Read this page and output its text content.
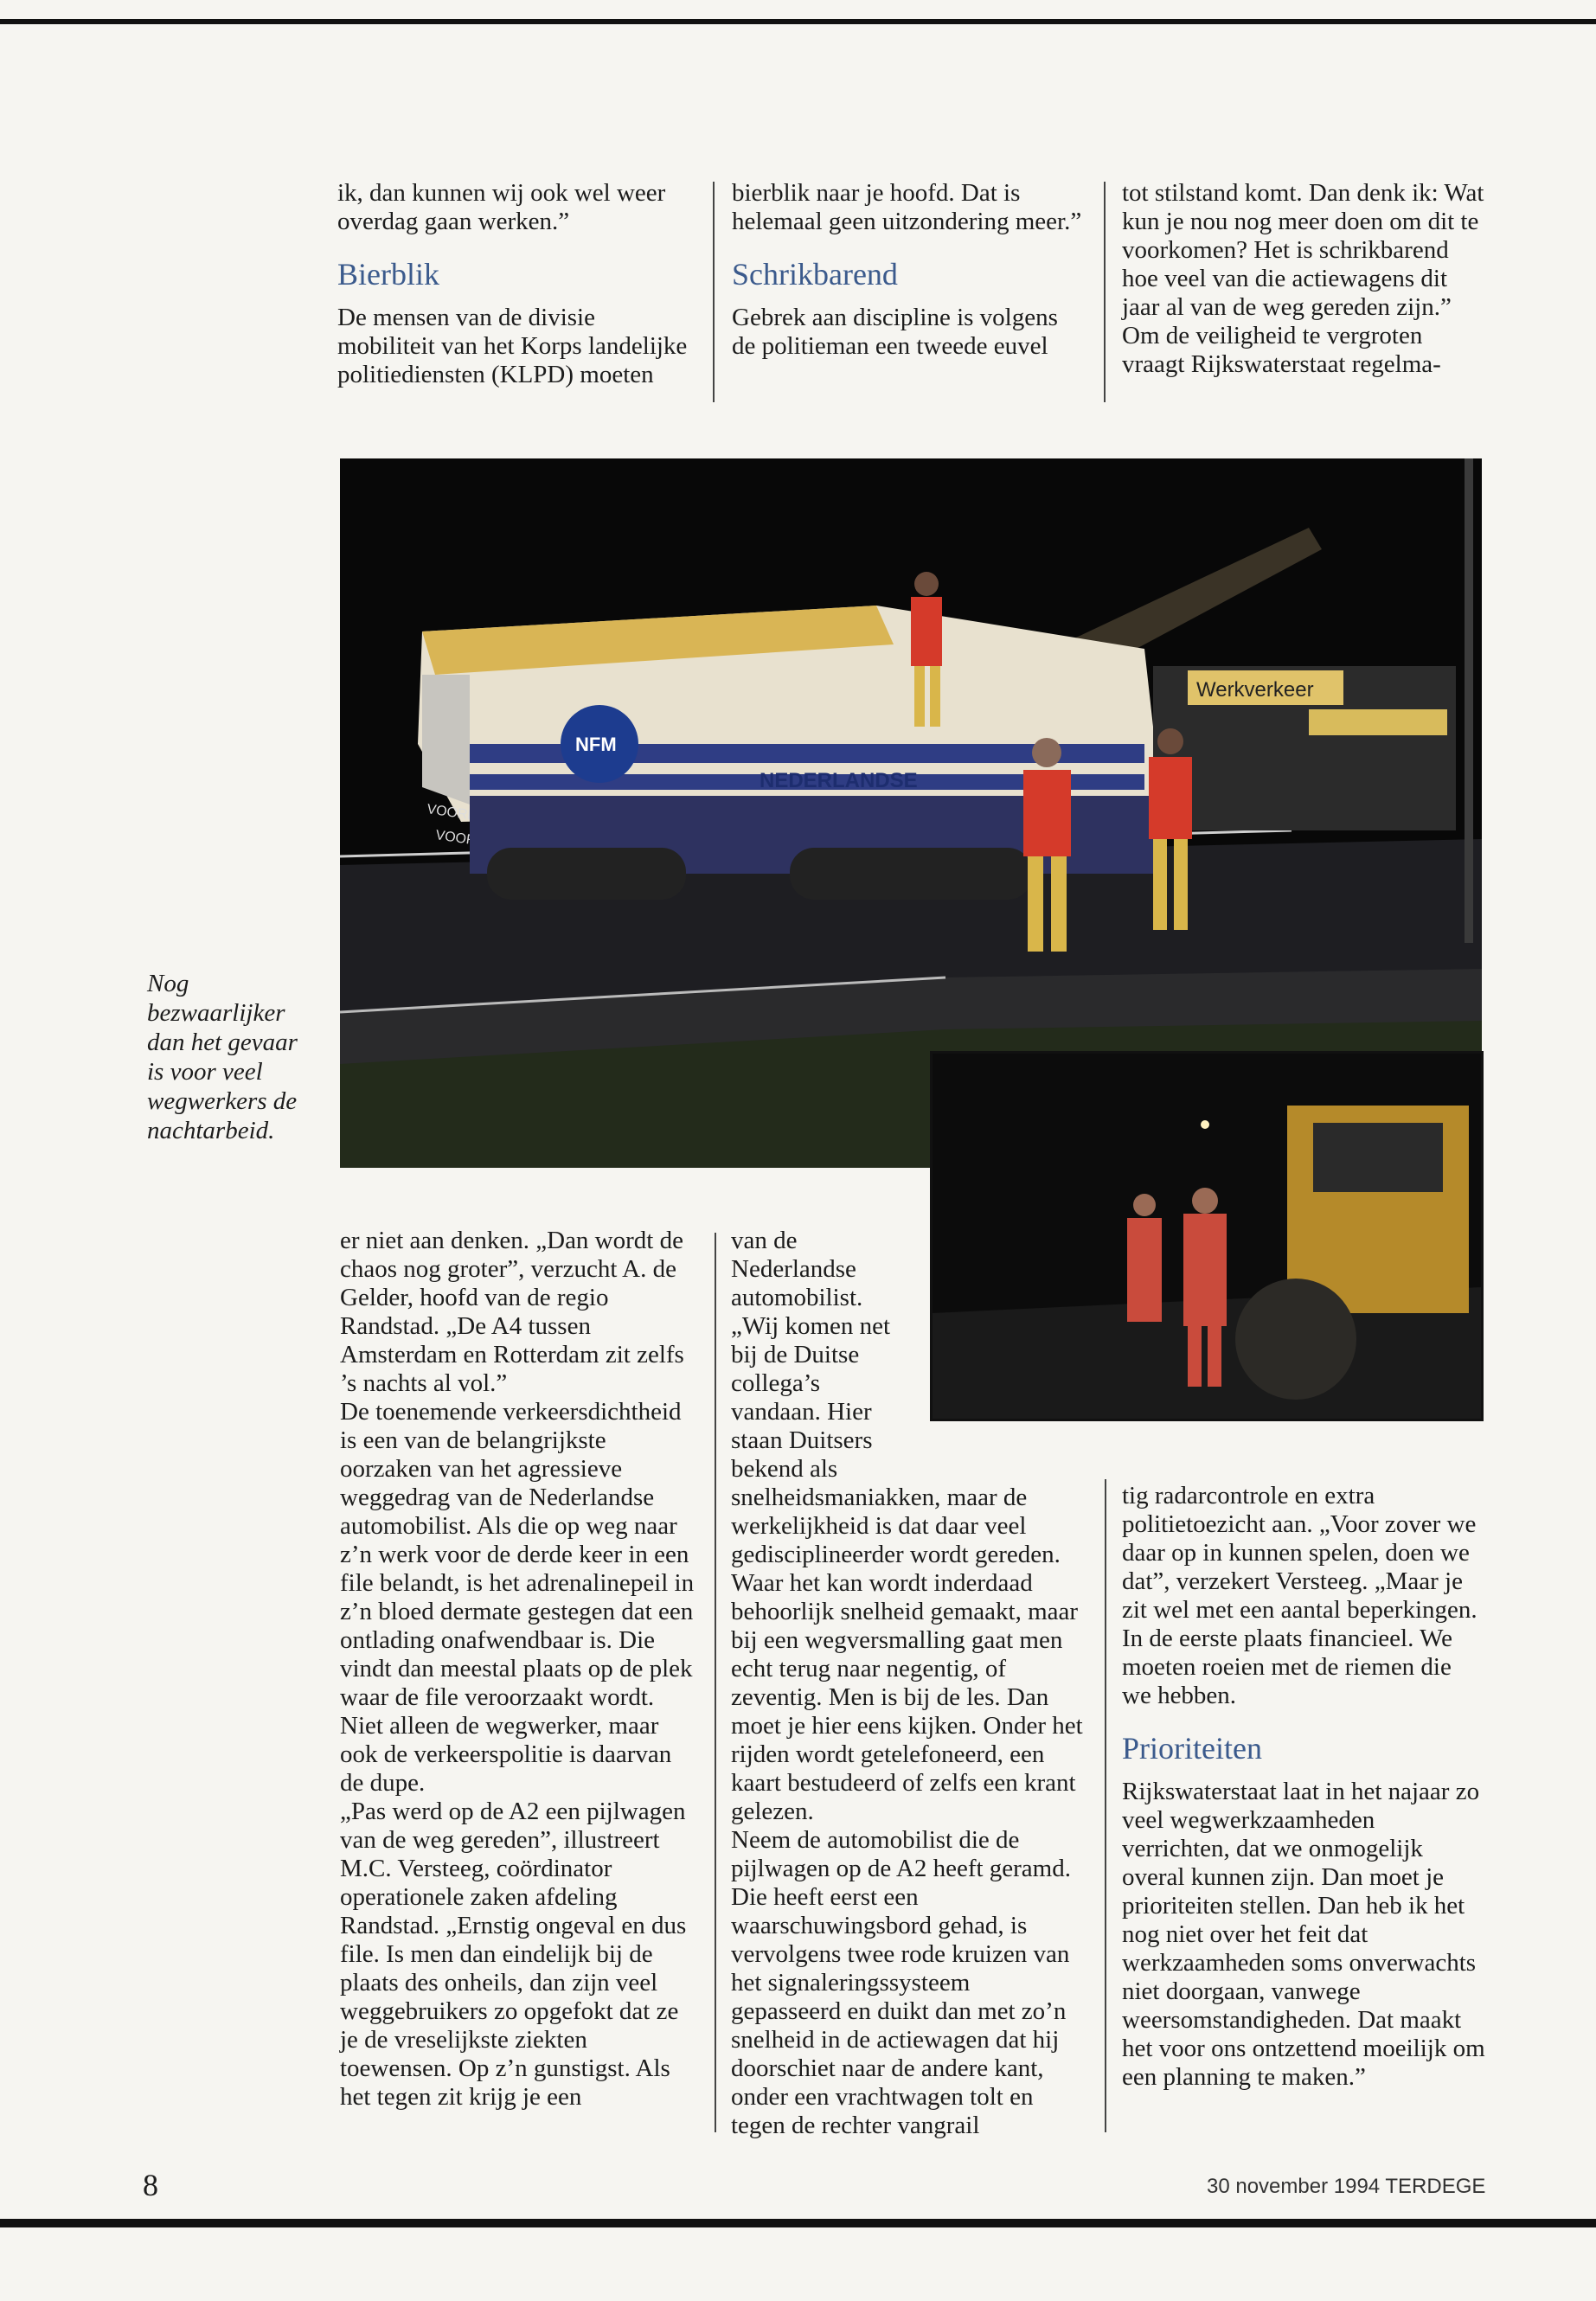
ik, dan kunnen wij ook wel weer overdag gaan werken.”

Bierblik

De mensen van de divisie mobiliteit van het Korps landelijke politiediensten (KLPD) moeten

bierblik naar je hoofd. Dat is helemaal geen uitzondering meer.”

Schrikbarend

Gebrek aan discipline is volgens de politieman een tweede euvel

tot stilstand komt. Dan denk ik: Wat kun je nou nog meer doen om dit te voorkomen? Het is schrikbarend hoe veel van die actiewagens dit jaar al van de weg gereden zijn.”

Om de veiligheid te vergroten vraagt Rijkswaterstaat regelma-

NFM
NEDERLANDSE
VOOR
Werkverkeer
Nog bezwaarlijker dan het gevaar is voor veel wegwerkers de nachtarbeid.

er niet aan denken. „Dan wordt de chaos nog groter”, verzucht A. de Gelder, hoofd van de regio Randstad. „De A4 tussen Amsterdam en Rotterdam zit zelfs ’s nachts al vol.”

De toenemende verkeersdichtheid is een van de belangrijkste oorzaken van het agressieve weggedrag van de Nederlandse automobilist. Als die op weg naar z’n werk voor de derde keer in een file belandt, is het adrenalinepeil in z’n bloed dermate gestegen dat een ontlading onafwendbaar is. Die vindt dan meestal plaats op de plek waar de file veroorzaakt wordt. Niet alleen de wegwerker, maar ook de verkeerspolitie is daarvan de dupe.

„Pas werd op de A2 een pijlwagen van de weg gereden”, illustreert M.C. Versteeg, coördinator operationele zaken afdeling Randstad. „Ernstig ongeval en dus file. Is men dan eindelijk bij de plaats des onheils, dan zijn veel weggebruikers zo opgefokt dat ze je de vreselijkste ziekten toewensen. Op z’n gunstigst. Als het tegen zit krijg je een

van de Nederlandse automobilist. „Wij komen net bij de Duitse collega’s vandaan. Hier staan Duitsers bekend als snelheidsmaniakken, maar de werkelijkheid is dat daar veel gedisciplineerder wordt gereden. Waar het kan wordt inderdaad behoorlijk snelheid gemaakt, maar bij een wegversmalling gaat men echt terug naar negentig, of zeventig. Men is bij de les. Dan moet je hier eens kijken. Onder het rijden wordt getelefoneerd, een kaart bestudeerd of zelfs een krant gelezen.

Neem de automobilist die de pijlwagen op de A2 heeft geramd. Die heeft eerst een waarschuwingsbord gehad, is vervolgens twee rode kruizen van het signaleringssysteem gepasseerd en duikt dan met zo’n snelheid in de actiewagen dat hij doorschiet naar de andere kant, onder een vrachtwagen tolt en tegen de rechter vangrail

tig radarcontrole en extra politietoezicht aan. „Voor zover we daar op in kunnen spelen, doen we dat”, verzekert Versteeg. „Maar je zit wel met een aantal beperkingen. In de eerste plaats financieel. We moeten roeien met de riemen die we hebben.

Prioriteiten

Rijkswaterstaat laat in het najaar zo veel wegwerkzaamheden verrichten, dat we onmogelijk overal kunnen zijn. Dan moet je prioriteiten stellen. Dan heb ik het nog niet over het feit dat werkzaamheden soms onverwachts niet doorgaan, vanwege weersomstandigheden. Dat maakt het voor ons ontzettend moeilijk om een planning te maken.”

8	30 november 1994 TERDEGE
